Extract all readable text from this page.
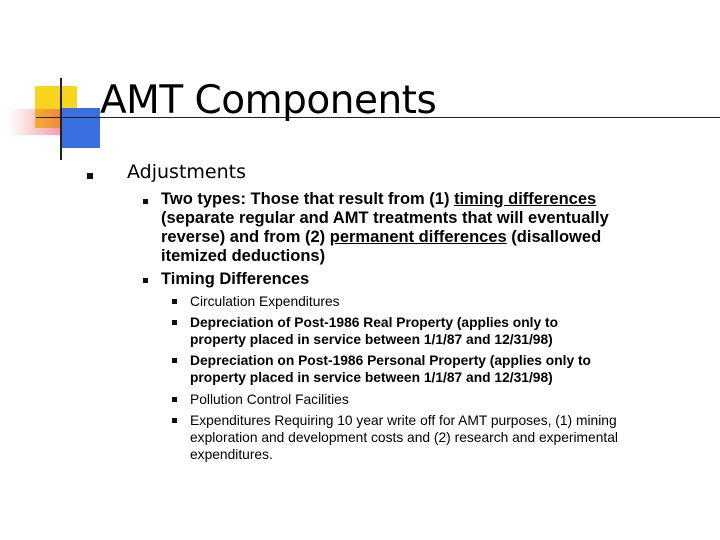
AMT Components

Adjustments

Two types: Those that result from (1) timing differences
(separate regular and AMT treatments that will eventually
reverse) and from (2) permanent differences (disallowed
itemized deductions)

Timing Differences

Circulation Expenditures

Depreciation of Post-1986 Real Property (applies only to
property placed in service between 1/1/87 and 12/31/98)

Depreciation on Post-1986 Personal Property (applies only to
property placed in service between 1/1/87 and 12/31/98)

Pollution Control Facilities

Expenditures Requiring 10 year write off for AMT purposes, (1) mining
exploration and development costs and (2) research and experimental
expenditures.
